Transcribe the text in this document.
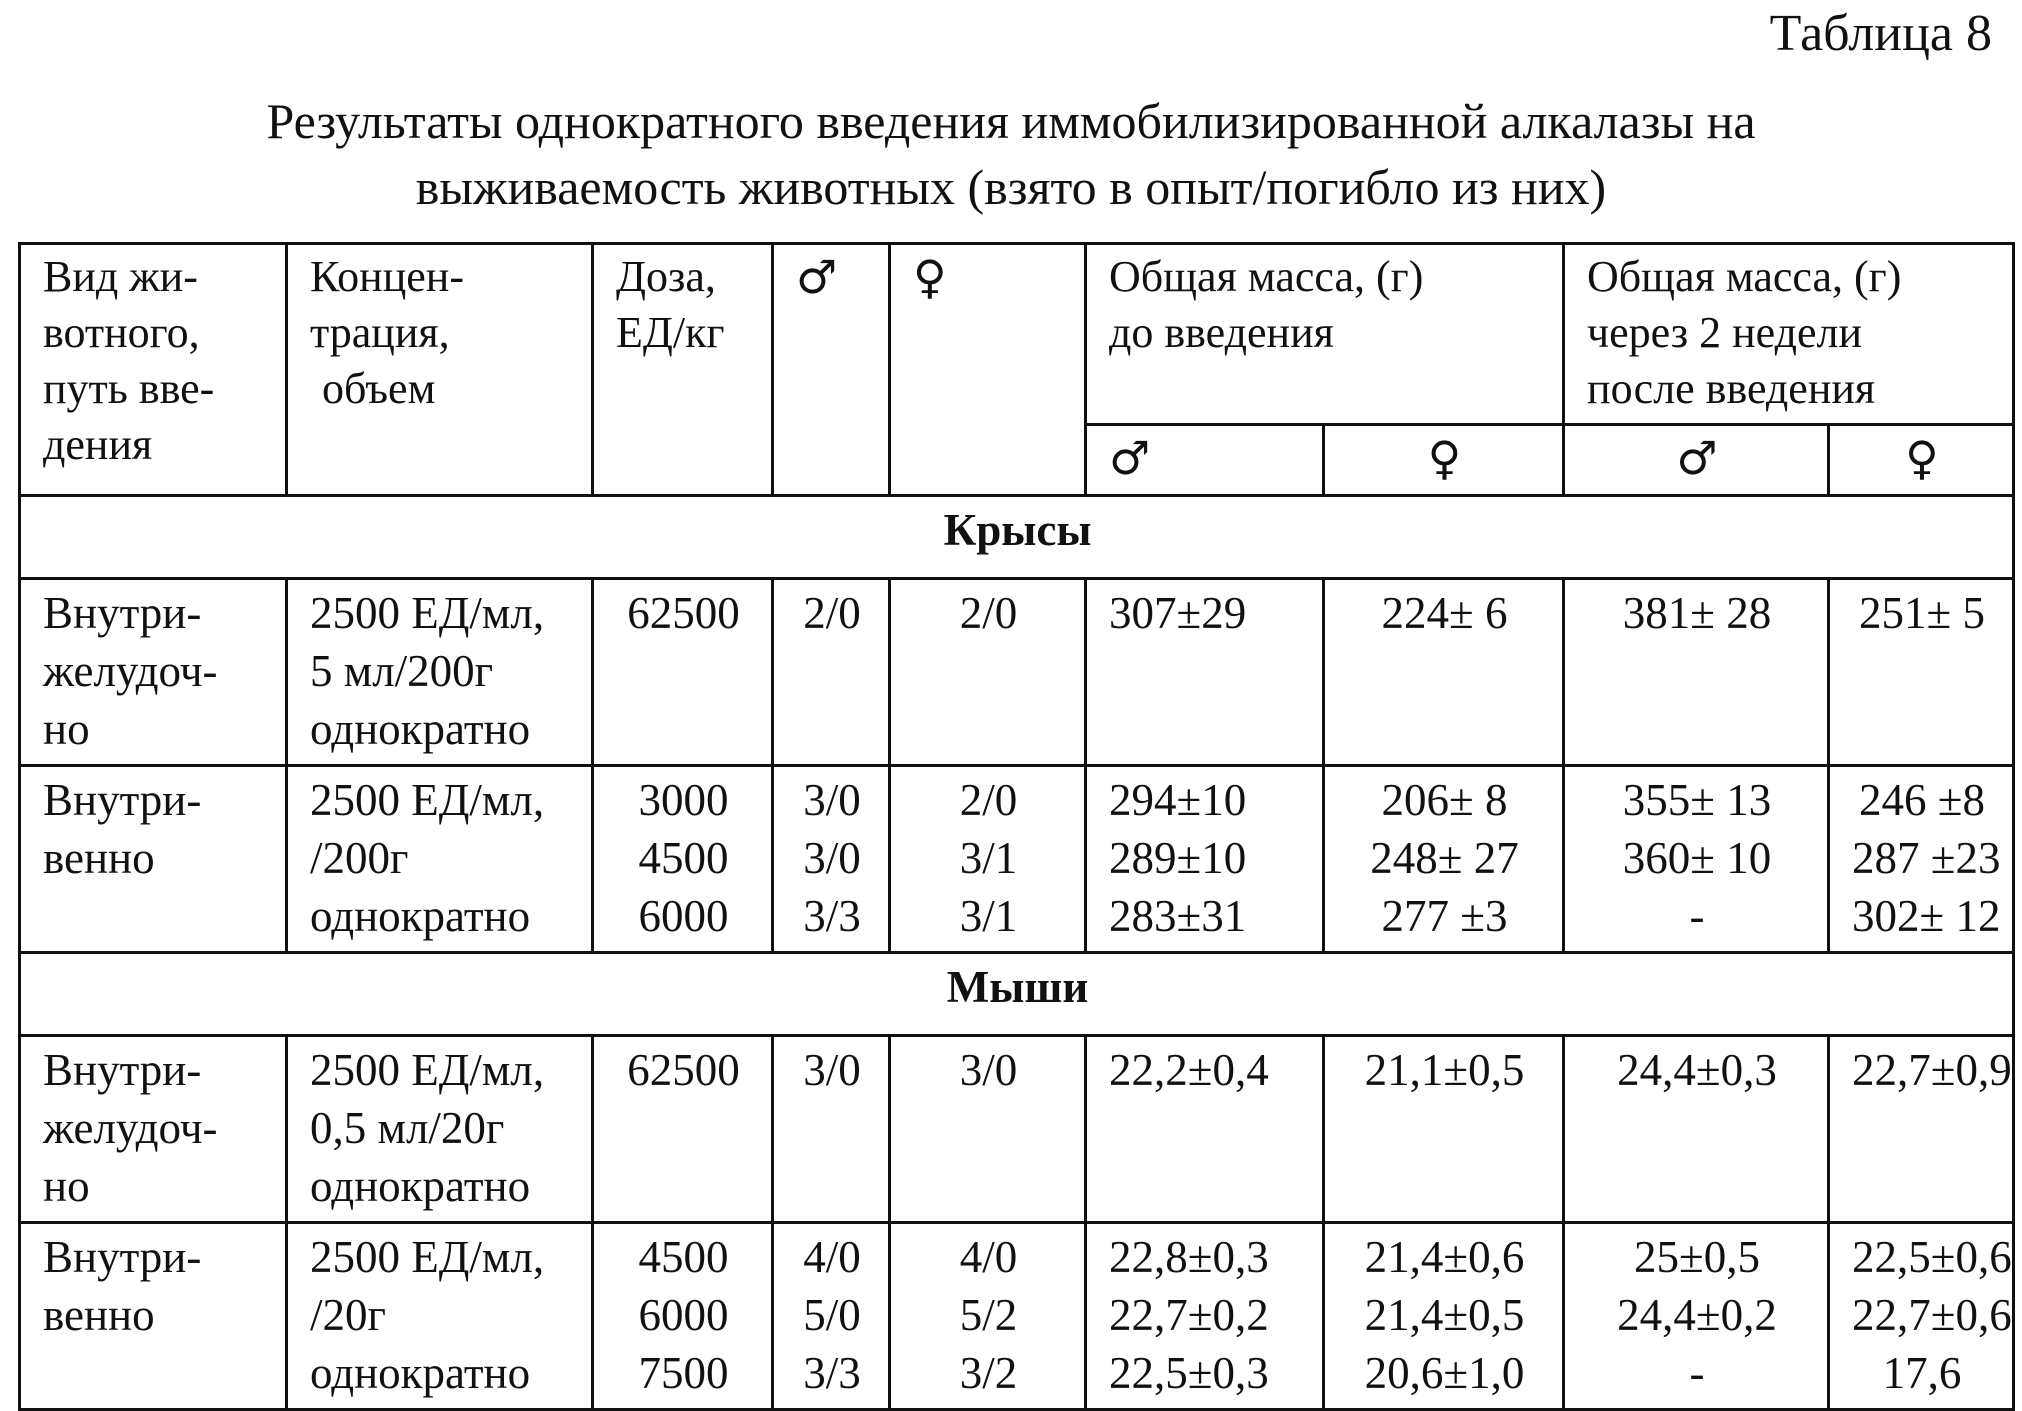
Таблица 8
Результаты однократного введения иммобилизированной алкалазы на
выживаемость животных (взято в опыт/погибло из них)
Вид жи-
вотного,
путь вве-
дения	Концен-
трация,
объем	Доза,
ЕД/кг	♂	♀	Общая масса, (г)
до введения		Общая масса, (г)
через 2 недели
после введения	

					♂	♀	♂	♀
Крысы								

Внутри-
желудоч-
но	2500 ЕД/мл,
5 мл/200г
однократно	62500	2/0	2/0	307±29	224± 6	381± 28	251± 5

Внутри-
венно	2500 ЕД/мл,
/200г
однократно	3000
4500
6000	3/0
3/0
3/3	2/0
3/1
3/1	294±10
289±10
283±31	206± 8
248± 27
277 ±3	355± 13
360± 10
-	246 ±8
287 ±23
302± 12

Мыши								

Внутри-
желудоч-
но	2500 ЕД/мл,
0,5 мл/20г
однократно	62500	3/0	3/0	22,2±0,4	21,1±0,5	24,4±0,3	22,7±0,9

Внутри-
венно	2500 ЕД/мл,
/20г
однократно	4500
6000
7500	4/0
5/0
3/3	4/0
5/2
3/2	22,8±0,3
22,7±0,2
22,5±0,3	21,4±0,6
21,4±0,5
20,6±1,0	25±0,5
24,4±0,2
-	22,5±0,6
22,7±0,6
17,6
